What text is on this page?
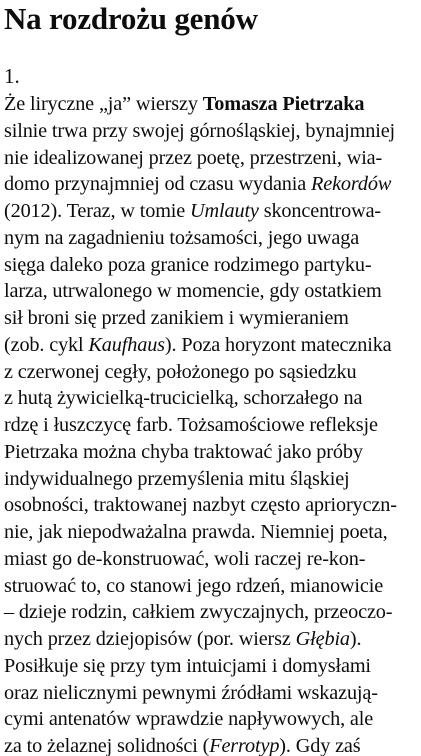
Na rozdrożu genów
1.
Że liryczne „ja” wierszy Tomasza Pietrzaka
silnie trwa przy swojej górnośląskiej, bynajmniej
nie idealizowanej przez poetę, przestrzeni, wia-
domo przynajmniej od czasu wydania Rekordów
(2012). Teraz, w tomie Umlauty skoncentrowa-
nym na zagadnieniu tożsamości, jego uwaga
sięga daleko poza granice rodzimego partyku-
larza, utrwalonego w momencie, gdy ostatkiem
sił broni się przed zanikiem i wymieraniem
(zob. cykl Kaufhaus). Poza horyzont matecznika
z czerwonej cegły, położonego po sąsiedzku
z hutą żywicielką-trucicielką, schorzałego na
rdzę i łuszczycę farb. Tożsamościowe refleksje
Pietrzaka można chyba traktować jako próby
indywidualnego przemyślenia mitu śląskiej
osobności, traktowanej nazbyt często aprioryczn-
nie, jak niepodważalna prawda. Niemniej poeta,
miast go de-konstruować, woli raczej re-kon-
struować to, co stanowi jego rdzeń, mianowicie
– dzieje rodzin, całkiem zwyczajnych, przeoczo-
nych przez dziejopisów (por. wiersz Głębia).
Posiłkuje się przy tym intuicjami i domysłami
oraz nielicznymi pewnymi źródłami wskazują-
cymi antenatów wprawdzie napływowych, ale
za to żelaznej solidności (Ferrotyp). Gdy zaś
